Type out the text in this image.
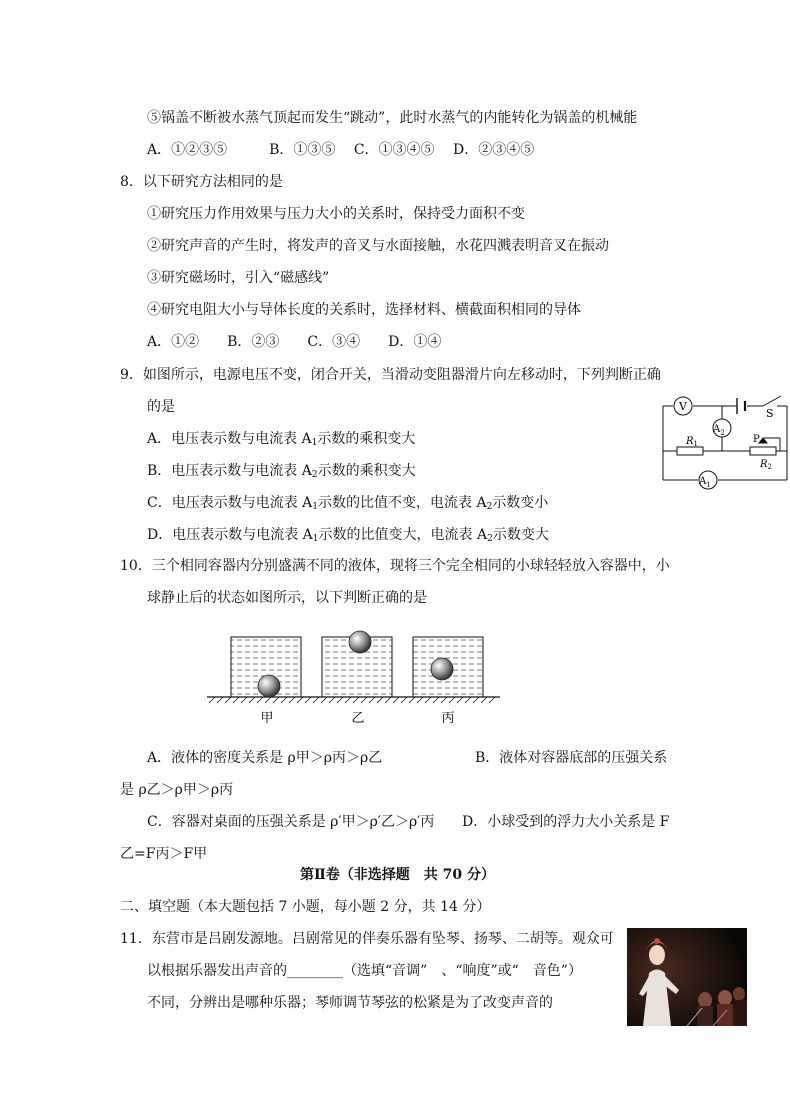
⑤锅盖不断被水蒸气顶起而发生“跳动”，此时水蒸气的内能转化为锅盖的机械能
A．①②③⑤　　　B．①③⑤　 C．①③④⑤　 D．②③④⑤
8．以下研究方法相同的是
①研究压力作用效果与压力大小的关系时，保持受力面积不变
②研究声音的产生时，将发声的音叉与水面接触，水花四溅表明音叉在振动
③研究磁场时，引入“磁感线”
④研究电阻大小与导体长度的关系时，选择材料、横截面积相同的导体
A．①②　　B．②③　　C．③④　　D．①④
9．如图所示，电源电压不变，闭合开关，当滑动变阻器滑片向左移动时，下列判断正确
的是
A．电压表示数与电流表 $A_1$示数的乘积变大
B．电压表示数与电流表 $A_2$示数的乘积变大
C．电压表示数与电流表 $A_1$示数的比值不变，电流表 $A_2$示数变小
D．电压表示数与电流表 $A_1$示数的比值变大，电流表 $A_2$示数变大
V
S
$A_2$
$R_1$	P
$R_2$
$A_1$
10．三个相同容器内分别盛满不同的液体，现将三个完全相同的小球轻轻放入容器中，小
球静止后的状态如图所示，以下判断正确的是
甲	乙	丙
A．液体的密度关系是 ρ甲＞ρ丙＞ρ乙	B．液体对容器底部的压强关系
是 ρ乙＞ρ甲＞ρ丙
C．容器对桌面的压强关系是 ρ′甲＞ρ′乙＞ρ′丙 D．小球受到的浮力大小关系是 F
乙=F丙＞F甲
第Ⅱ卷（非选择题　共 70 分）
二、填空题（本大题包括 7 小题，每小题 2 分，共 14 分）
11．东营市是吕剧发源地。吕剧常见的伴奏乐器有坠琴、扬琴、二胡等。观众可
以根据乐器发出声音的________（选填“音调”　、“响度”或“　音色”）
不同，分辨出是哪种乐器；琴师调节琴弦的松紧是为了改变声音的
